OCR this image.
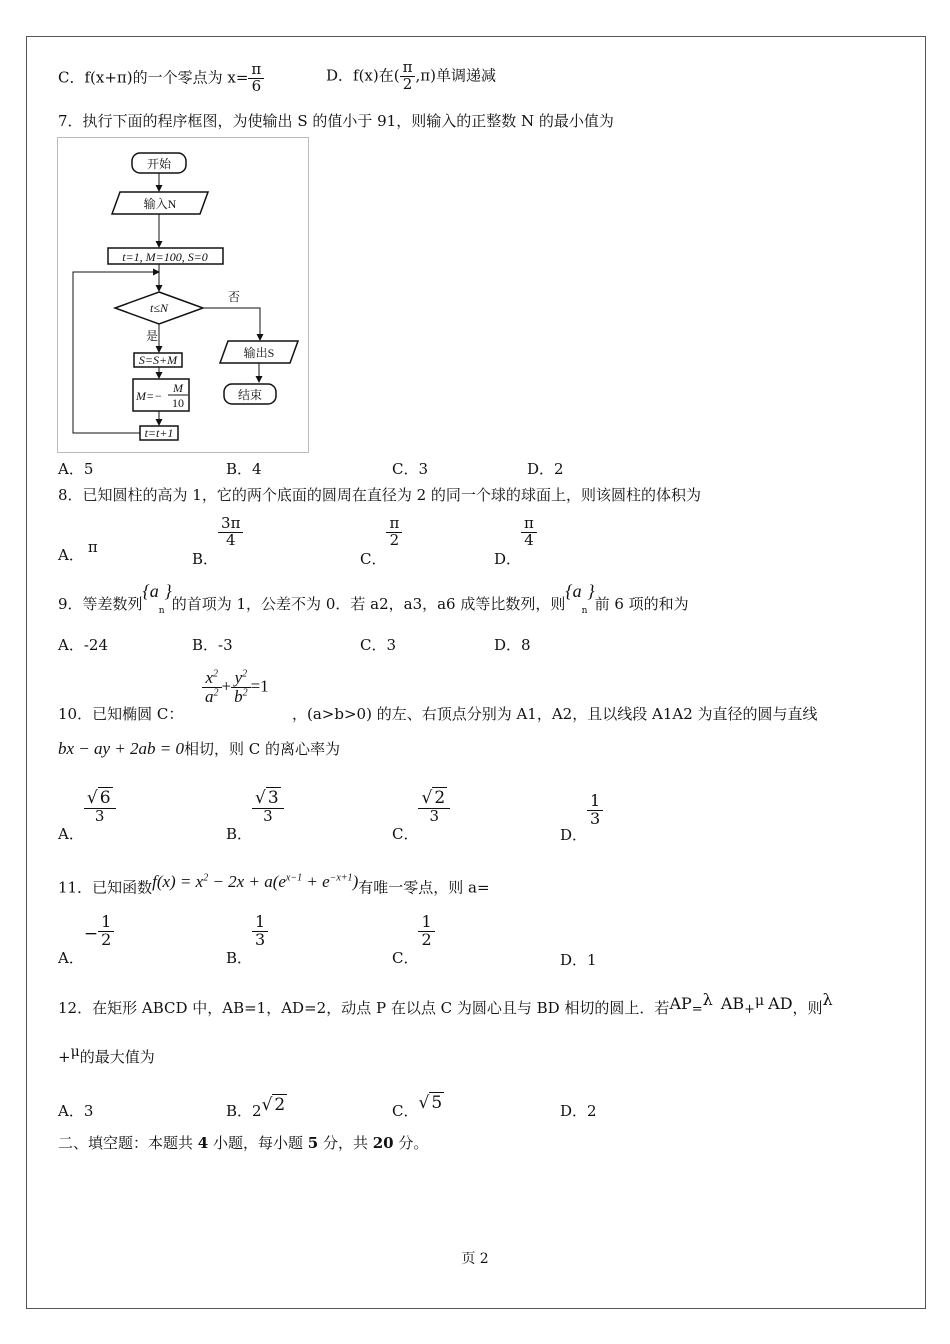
C．f(x+π)的一个零点为 $x= \frac{\pi}{6}$	D．f(x)在( $\frac{\pi}{2} ,\pi$)单调递减
7．执行下面的程序框图，为使输出 S 的值小于 91，则输入的正整数 N 的最小值为
开始
输入N
t=1, M=100, S=0
t≤N
否
是
S=S+M
M=−
M
10
t=t+1
输出S
结束
A．5	B．4	C．3	D．2
8．已知圆柱的高为 1，它的两个底面的圆周在直径为 2 的同一个球的球面上，则该圆柱的体积为
A． π
B．
$\frac{3\pi}{4}$
C．
$\frac{\pi}{2}$
D．
$\frac{\pi}{4}$
9．等差数列$\{a_n\}$的首项为 1，公差不为 0．若 a2，a3，a6 成等比数列，则$\{a_n\}$前 6 项的和为
A．-24	B．-3	C．3	D．8
$\frac{x^2}{a^2} + \frac{y^2}{b^2} =1$
10．已知椭圆 C：	，(a>b>0) 的左、右顶点分别为 A1，A2，且以线段 A1A2 为直径的圆与直线
bx − ay + 2ab = 0相切，则 C 的离心率为
A．
$\frac{√ 6}{3}$
B．
$\frac{√ 3}{3}$
C．
$\frac{√ 2}{3}$
D．
$\frac{1}{3}$
11．已知函数$f(x) = x^2 - 2x + a(e^{x-1} + e^{-x+1})$有唯一零点，则 a=
A．− $\frac{1}{2}$
B．
$\frac{1}{3}$
C．
$\frac{1}{2}$
D．1
12．在矩形 ABCD 中，AB=1，AD=2，动点 P 在以点 C 为圆心且与 BD 相切的圆上．若AP=λ AB+μ AD，则λ
+μ的最大值为
A．3	B．2√ 2	C．√ 5	D．2
二、填空题：本题共 4 小题，每小题 5 分，共 20 分。
页 2
